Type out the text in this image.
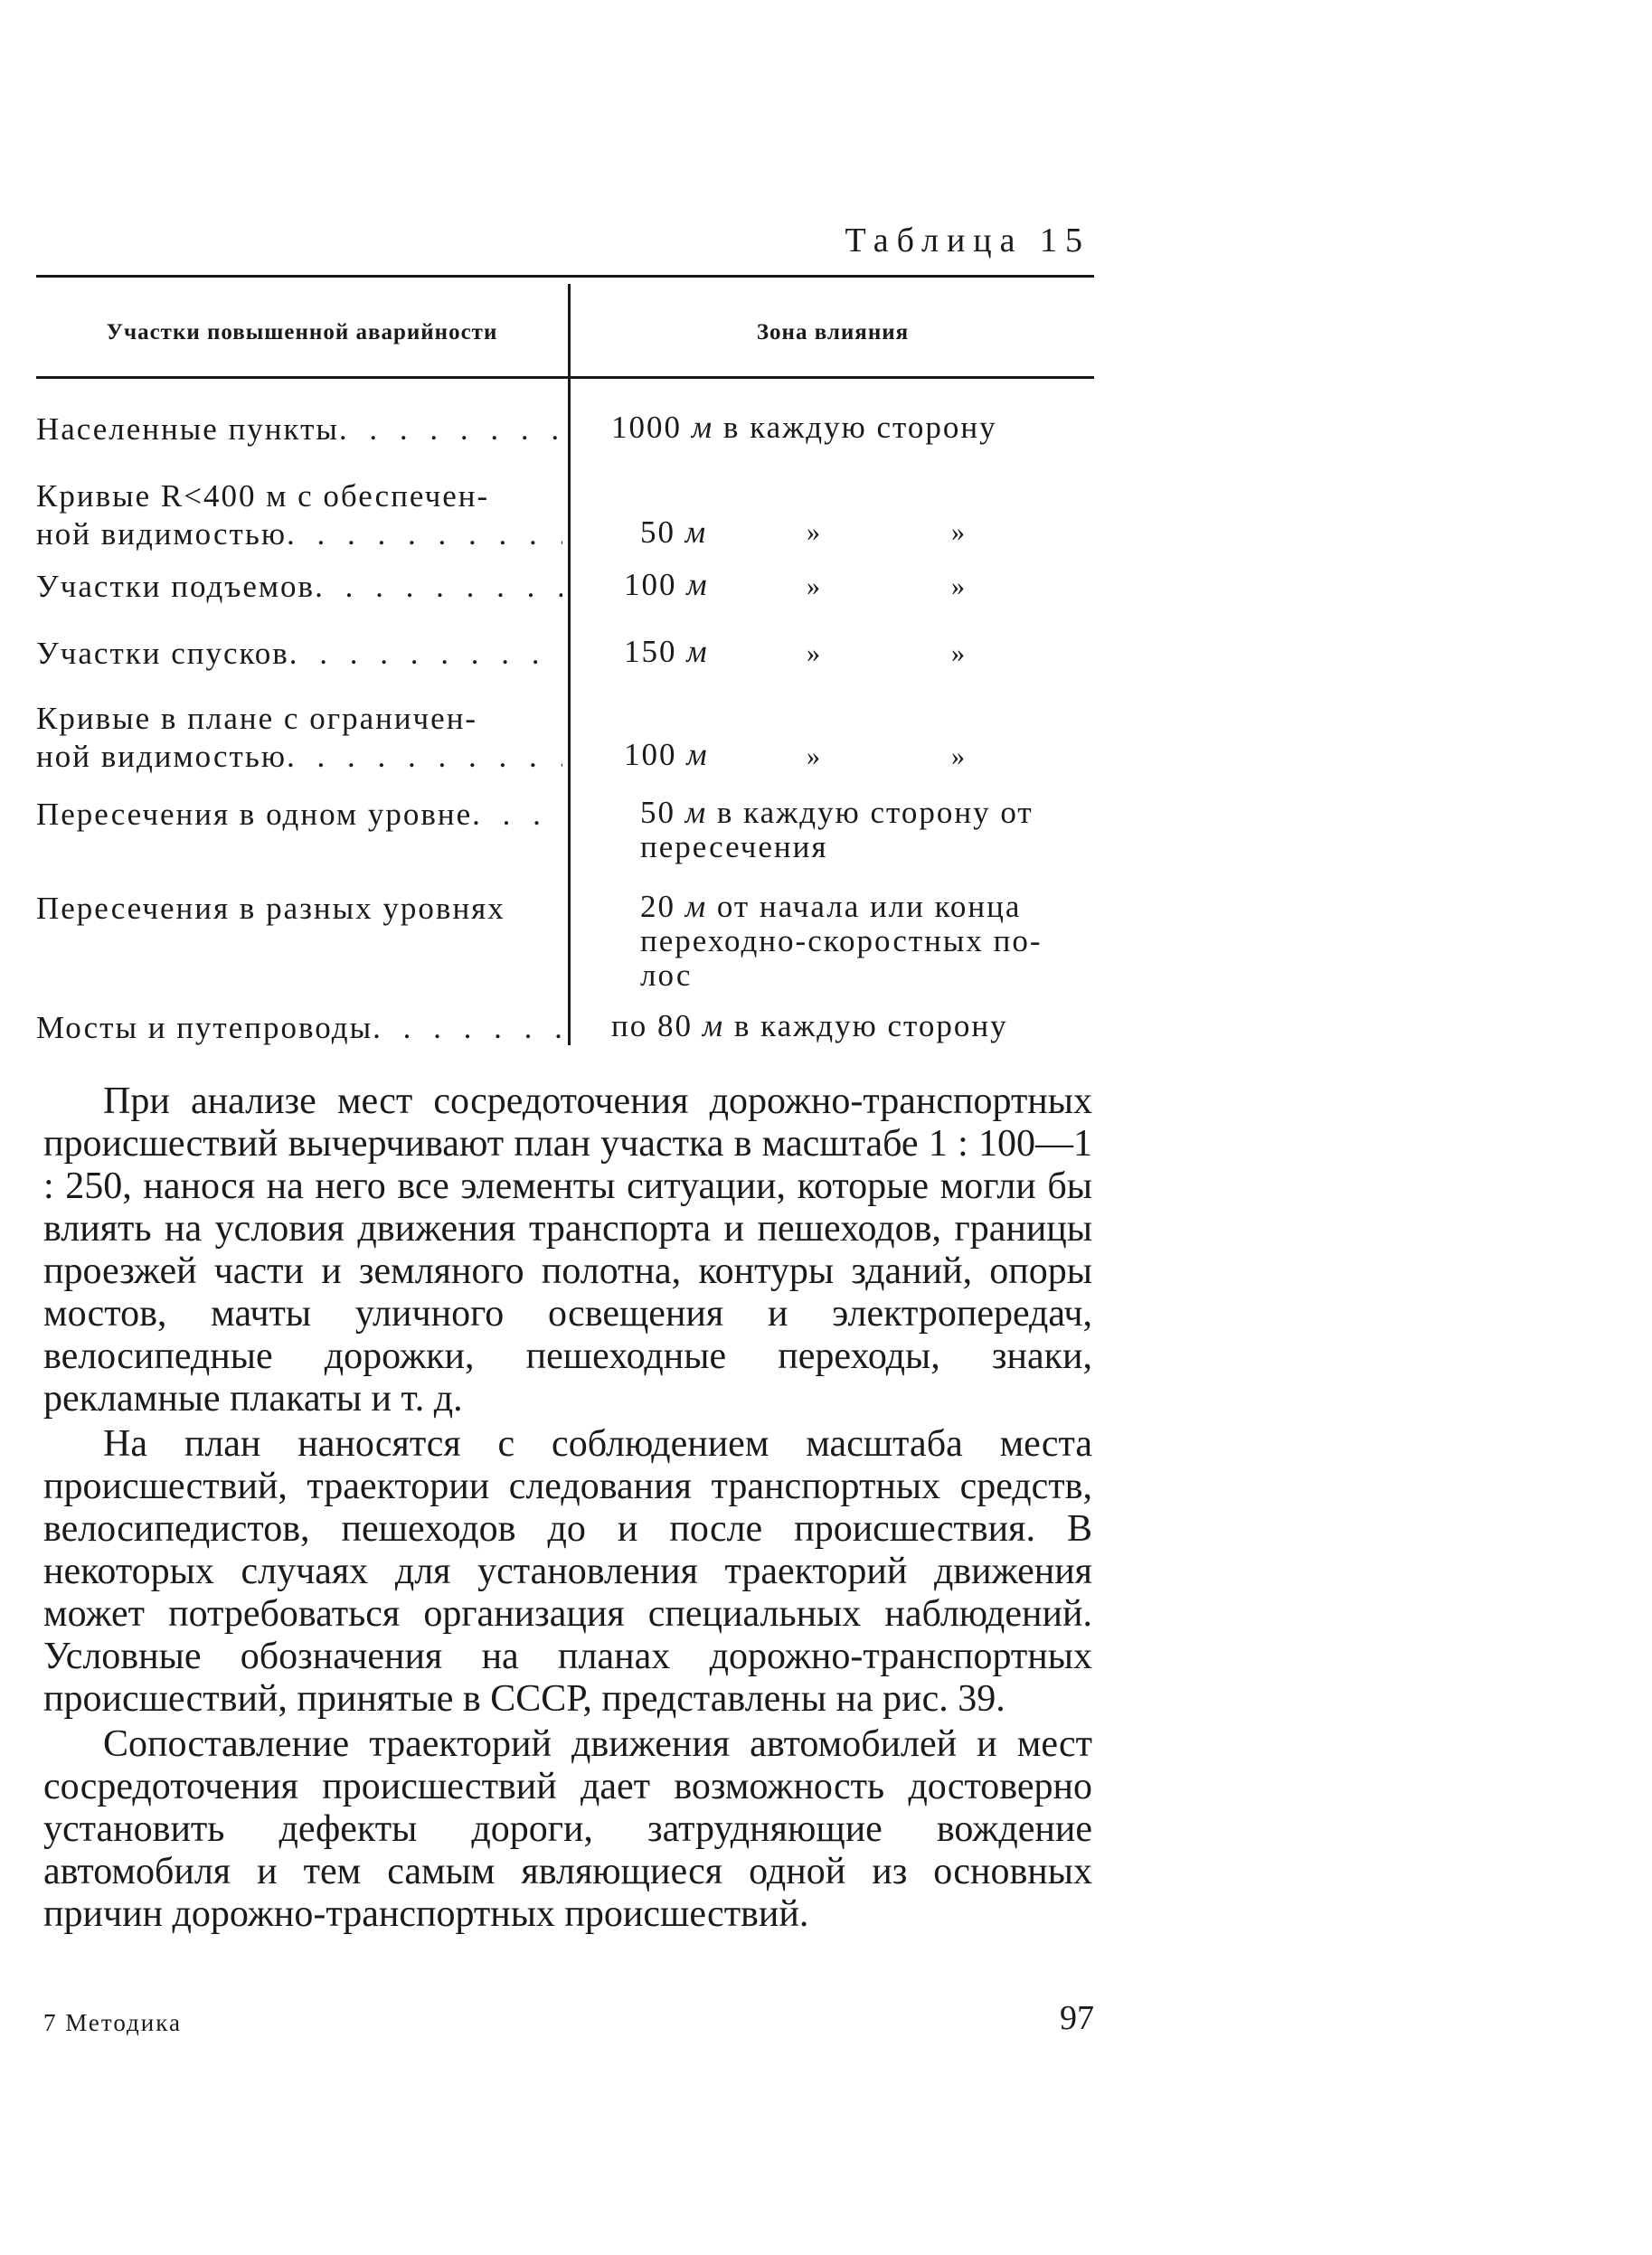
Таблица 15
Участки повышенной аварийности	Зона влияния
Населенные пункты . . .	1000 м в каждую сторону
Кривые R<400 м с обеспечен-
ной видимостью . . .	50 м	»	»
Участки подъемов . . .	100 м	»	»
Участки спусков . . .	150 м	»	»
Кривые в плане с ограничен-
ной видимостью . . .	100 м	»	»
Пересечения в одном уровне . . .	50 м в каждую сторону от
пересечения
Пересечения в разных уровнях	20 м от начала или конца
переходно-скоростных по-
лос
Мосты и путепроводы . . .	по 80 м в каждую сторону

При анализе мест сосредоточения дорожно-транспортных происшествий вычерчивают план участка в масштабе 1 : 100—1 : 250, нанося на него все элементы ситуации, которые могли бы влиять на условия движения транспорта и пешеходов, границы проезжей части и земляного полотна, контуры зданий, опоры мостов, мачты уличного освещения и электропередач, велосипедные дорожки, пешеходные переходы, знаки, рекламные плакаты и т. д.

На план наносятся с соблюдением масштаба места происшествий, траектории следования транспортных средств, велосипедистов, пешеходов до и после происшествия. В некоторых случаях для установления траекторий движения может потребоваться организация специальных наблюдений. Условные обозначения на планах дорожно-транспортных происшествий, принятые в СССР, представлены на рис. 39.

Сопоставление траекторий движения автомобилей и мест сосредоточения происшествий дает возможность достоверно установить дефекты дороги, затрудняющие вождение автомобиля и тем самым являющиеся одной из основных причин дорожно-транспортных происшествий.

7 Методика	97
